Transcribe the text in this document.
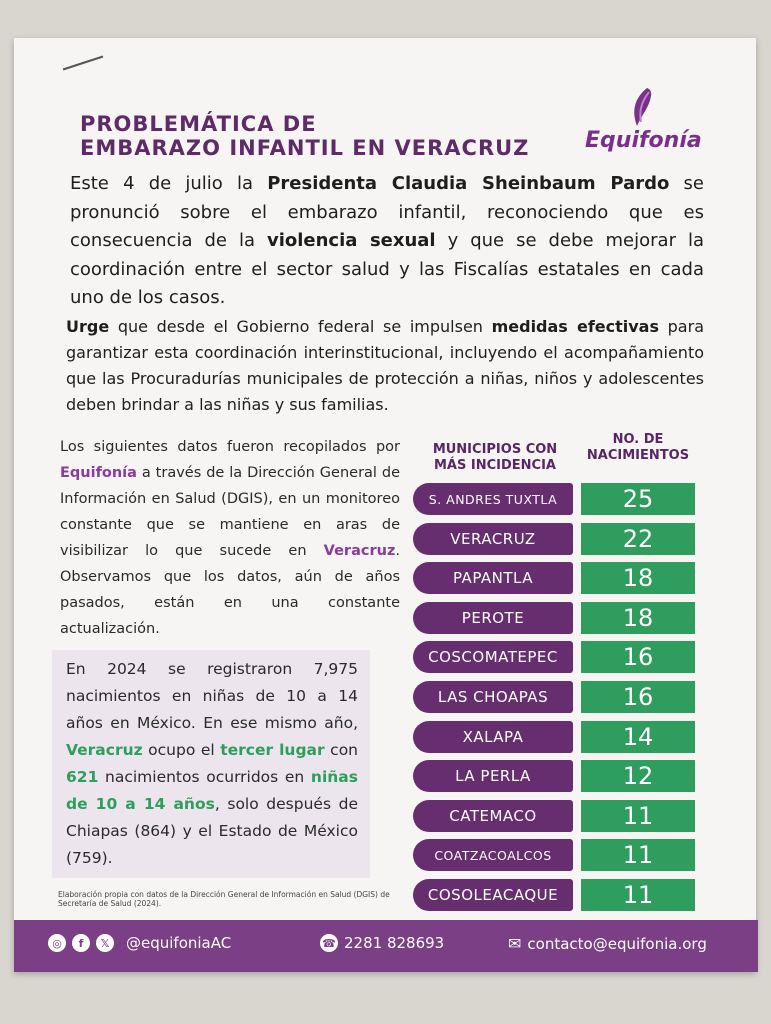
PROBLEMÁTICA DE
EMBARAZO INFANTIL EN VERACRUZ	Equifonía
Este 4 de julio la Presidenta Claudia Sheinbaum Pardo se pronunció sobre el embarazo infantil, reconociendo que es consecuencia de la violencia sexual y que se debe mejorar la coordinación entre el sector salud y las Fiscalías estatales en cada uno de los casos.
Urge que desde el Gobierno federal se impulsen medidas efectivas para garantizar esta coordinación interinstitucional, incluyendo el acompañamiento que las Procuradurías municipales de protección a niñas, niños y adolescentes deben brindar a las niñas y sus familias.
Los siguientes datos fueron recopilados por Equifonía a través de la Dirección General de Información en Salud (DGIS), en un monitoreo constante que se mantiene en aras de visibilizar lo que sucede en Veracruz. Observamos que los datos, aún de años pasados, están en una constante actualización.
En 2024 se registraron 7,975 nacimientos en niñas de 10 a 14 años en México. En ese mismo año, Veracruz ocupo el tercer lugar con 621 nacimientos ocurridos en niñas de 10 a 14 años, solo después de Chiapas (864) y el Estado de México (759).
Elaboración propia con datos de la Dirección General de Información en Salud (DGIS) de Secretaría de Salud (2024).
MUNICIPIOS CON
MÁS INCIDENCIA
NO. DE
NACIMIENTOS
S. ANDRES TUXTLA	25
VERACRUZ	22
PAPANTLA	18
PEROTE	18
COSCOMATEPEC	16
LAS CHOAPAS	16
XALAPA	14
LA PERLA	12
CATEMACO	11
COATZACOALCOS	11
COSOLEACAQUE	11
◎	f	𝕏	@equifoniaAC	☎ 2281 828693	✉ contacto@equifonia.org
